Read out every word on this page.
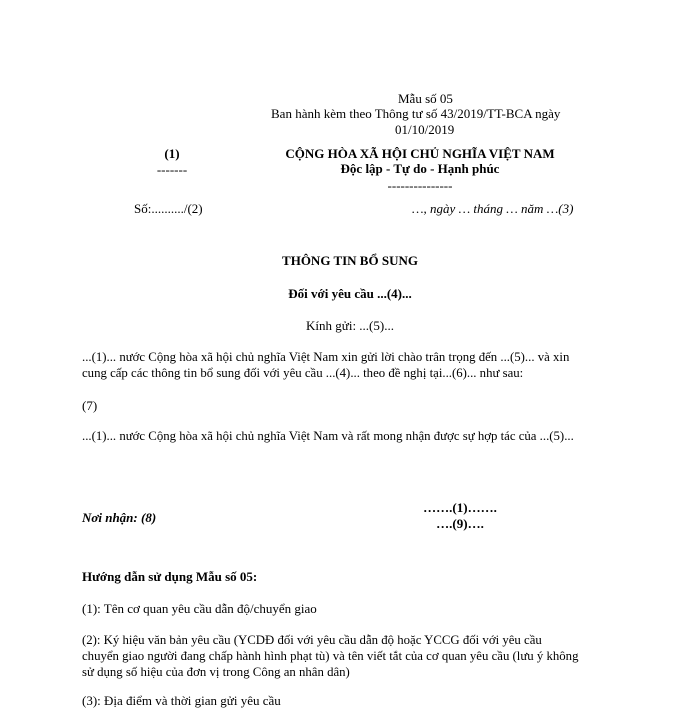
Mẫu số 05
Ban hành kèm theo Thông tư số 43/2019/TT-BCA ngày
01/10/2019
(1)
-------
Số:........../(2)
CỘNG HÒA XÃ HỘI CHỦ NGHĨA VIỆT NAM
Độc lập - Tự do - Hạnh phúc
---------------
…, ngày … tháng … năm …(3)
THÔNG TIN BỔ SUNG
Đối với yêu cầu ...(4)...
Kính gửi: ...(5)...
...(1)... nước Cộng hòa xã hội chủ nghĩa Việt Nam xin gửi lời chào trân trọng đến ...(5)... và xin
cung cấp các thông tin bổ sung đối với yêu cầu ...(4)... theo đề nghị tại...(6)... như sau:
(7)
...(1)... nước Cộng hòa xã hội chủ nghĩa Việt Nam và rất mong nhận được sự hợp tác của ...(5)...
Nơi nhận: (8)
…….(1)…….
….(9)….
Hướng dẫn sử dụng Mẫu số 05:
(1): Tên cơ quan yêu cầu dẫn độ/chuyển giao
(2): Ký hiệu văn bản yêu cầu (YCDĐ đối với yêu cầu dẫn độ hoặc YCCG đối với yêu cầu
chuyển giao người đang chấp hành hình phạt tù) và tên viết tắt của cơ quan yêu cầu (lưu ý không
sử dụng số hiệu của đơn vị trong Công an nhân dân)
(3): Địa điểm và thời gian gửi yêu cầu
